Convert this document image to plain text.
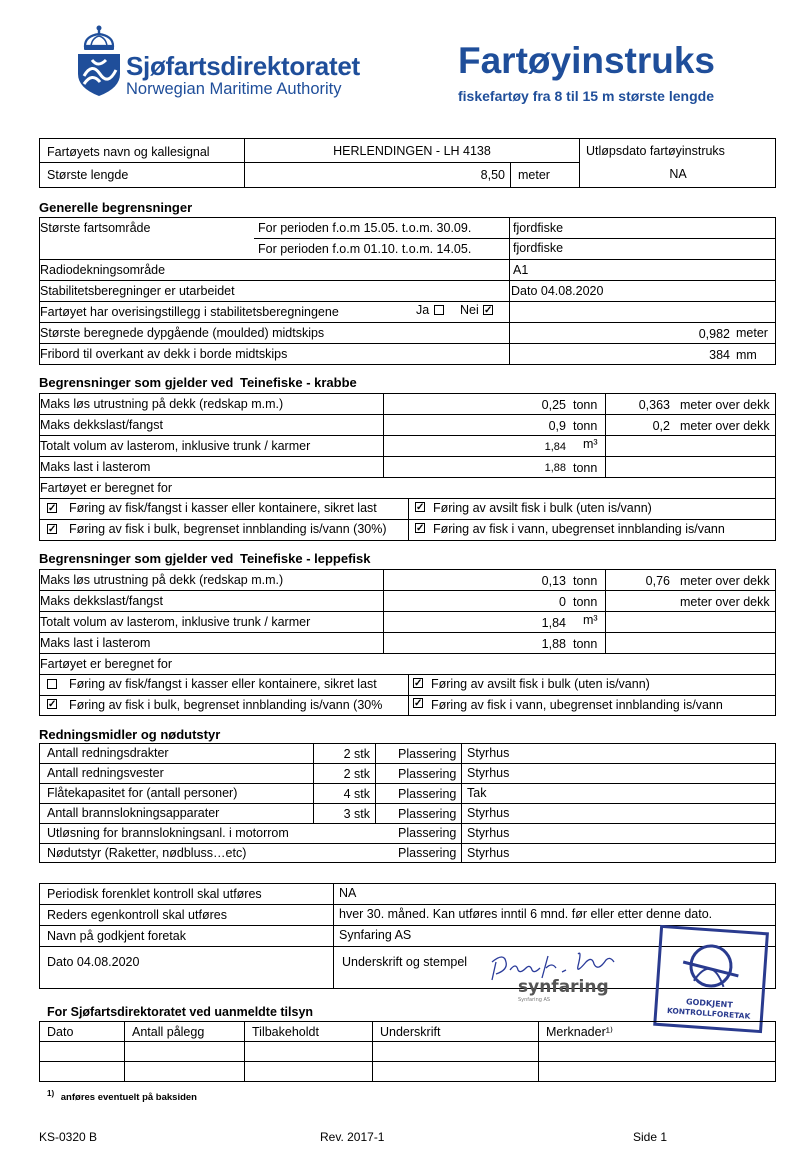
Sjøfartsdirektoratet
Norwegian Maritime Authority
Fartøyinstruks
fiskefartøy fra 8 til 15 m største lengde
Fartøyets navn og kallesignal	HERLENDINGEN - LH 4138
Største lengde	8,50 meter
Utløpsdato fartøyinstruks
NA
Generelle begrensninger
Største fartsområde	For perioden f.o.m 15.05. t.o.m. 30.09.	fjordfiske
For perioden f.o.m 01.10. t.o.m. 14.05.	fjordfiske
Radiodekningsområde	A1
Stabilitetsberegninger er utarbeidet	Dato 04.08.2020
Fartøyet har overisingstillegg i stabilitetsberegningene	Ja Nei ✓
Største beregnede dypgående (moulded) midtskips	0,982 meter
Fribord til overkant av dekk i borde midtskips	384 mm
Begrensninger som gjelder ved Teinefiske - krabbe
Maks løs utrustning på dekk (redskap m.m.)	0,25 tonn	0,363 meter over dekk
Maks dekkslast/fangst	0,9 tonn	0,2 meter over dekk
Totalt volum av lasterom, inklusive trunk / karmer	1,84 m³
Maks last i lasterom	1,88 tonn
Fartøyet er beregnet for
✓ Føring av fisk/fangst i kasser eller kontainere, sikret last	✓ Føring av avsilt fisk i bulk (uten is/vann)
✓ Føring av fisk i bulk, begrenset innblanding is/vann (30%)	✓ Føring av fisk i vann, ubegrenset innblanding is/vann
Begrensninger som gjelder ved Teinefiske - leppefisk
Maks løs utrustning på dekk (redskap m.m.)	0,13 tonn	0,76 meter over dekk
Maks dekkslast/fangst	0 tonn	meter over dekk
Totalt volum av lasterom, inklusive trunk / karmer	1,84 m³
Maks last i lasterom	1,88 tonn
Fartøyet er beregnet for
Føring av fisk/fangst i kasser eller kontainere, sikret last	✓ Føring av avsilt fisk i bulk (uten is/vann)
✓ Føring av fisk i bulk, begrenset innblanding is/vann (30%	✓ Føring av fisk i vann, ubegrenset innblanding is/vann
Redningsmidler og nødutstyr
Antall redningsdrakter	2 stk Plassering Styrhus
Antall redningsvester	2 stk Plassering Styrhus
Flåtekapasitet for (antall personer)	4 stk Plassering Tak
Antall brannslokningsapparater	3 stk Plassering Styrhus
Utløsning for brannslokningsanl. i motorrom	Plassering Styrhus
Nødutstyr (Raketter, nødbluss…etc)	Plassering Styrhus
Periodisk forenklet kontroll skal utføres	NA
Reders egenkontroll skal utføres	hver 30. måned. Kan utføres inntil 6 mnd. før eller etter denne dato.
Navn på godkjent foretak	Synfaring AS
Dato 04.08.2020	Underskrift og stempel
synfaring
Synfaring AS	GODKJENT
KONTROLLFORETAK
For Sjøfartsdirektoratet ved uanmeldte tilsyn
Dato	Antall pålegg	Tilbakeholdt	Underskrift	Merknader¹⁾
$^{1)}$ anføres eventuelt på baksiden
KS-0320 B	Rev. 2017-1	Side 1
